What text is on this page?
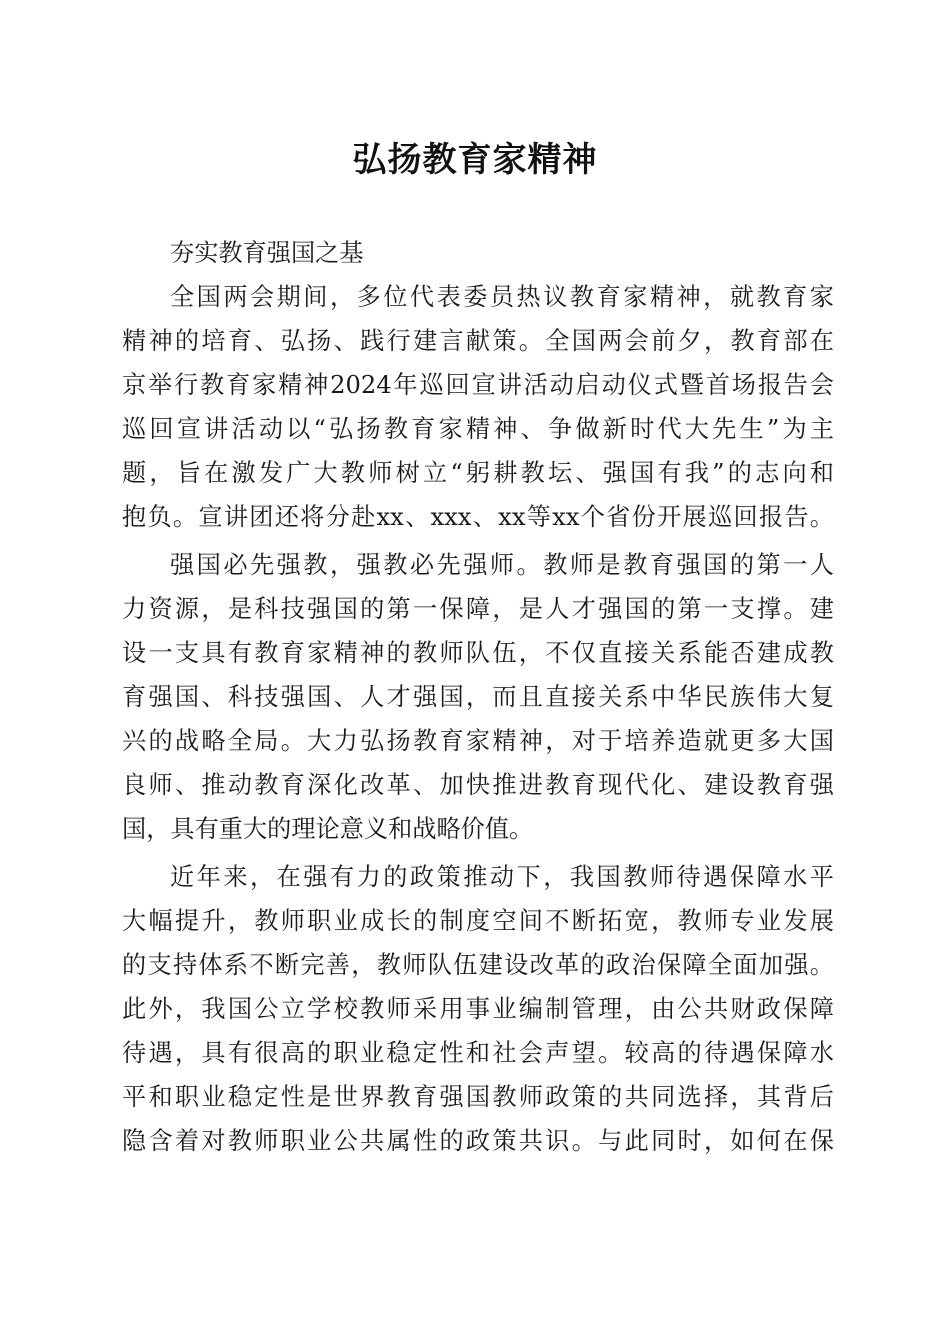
弘扬教育家精神

夯实教育强国之基

全国两会期间，多位代表委员热议教育家精神，就教育家

精神的培育、弘扬、践行建言献策。全国两会前夕，教育部在

京举行教育家精神2024年巡回宣讲活动启动仪式暨首场报告会

巡回宣讲活动以“弘扬教育家精神、争做新时代大先生”为主

题，旨在激发广大教师树立“躬耕教坛、强国有我”的志向和

抱负。宣讲团还将分赴xx、xxx、xx等xx个省份开展巡回报告。

强国必先强教，强教必先强师。教师是教育强国的第一人

力资源，是科技强国的第一保障，是人才强国的第一支撑。建

设一支具有教育家精神的教师队伍，不仅直接关系能否建成教

育强国、科技强国、人才强国，而且直接关系中华民族伟大复

兴的战略全局。大力弘扬教育家精神，对于培养造就更多大国

良师、推动教育深化改革、加快推进教育现代化、建设教育强

国，具有重大的理论意义和战略价值。

近年来，在强有力的政策推动下，我国教师待遇保障水平

大幅提升，教师职业成长的制度空间不断拓宽，教师专业发展

的支持体系不断完善，教师队伍建设改革的政治保障全面加强。

此外，我国公立学校教师采用事业编制管理，由公共财政保障

待遇，具有很高的职业稳定性和社会声望。较高的待遇保障水

平和职业稳定性是世界教育强国教师政策的共同选择，其背后

隐含着对教师职业公共属性的政策共识。与此同时，如何在保
